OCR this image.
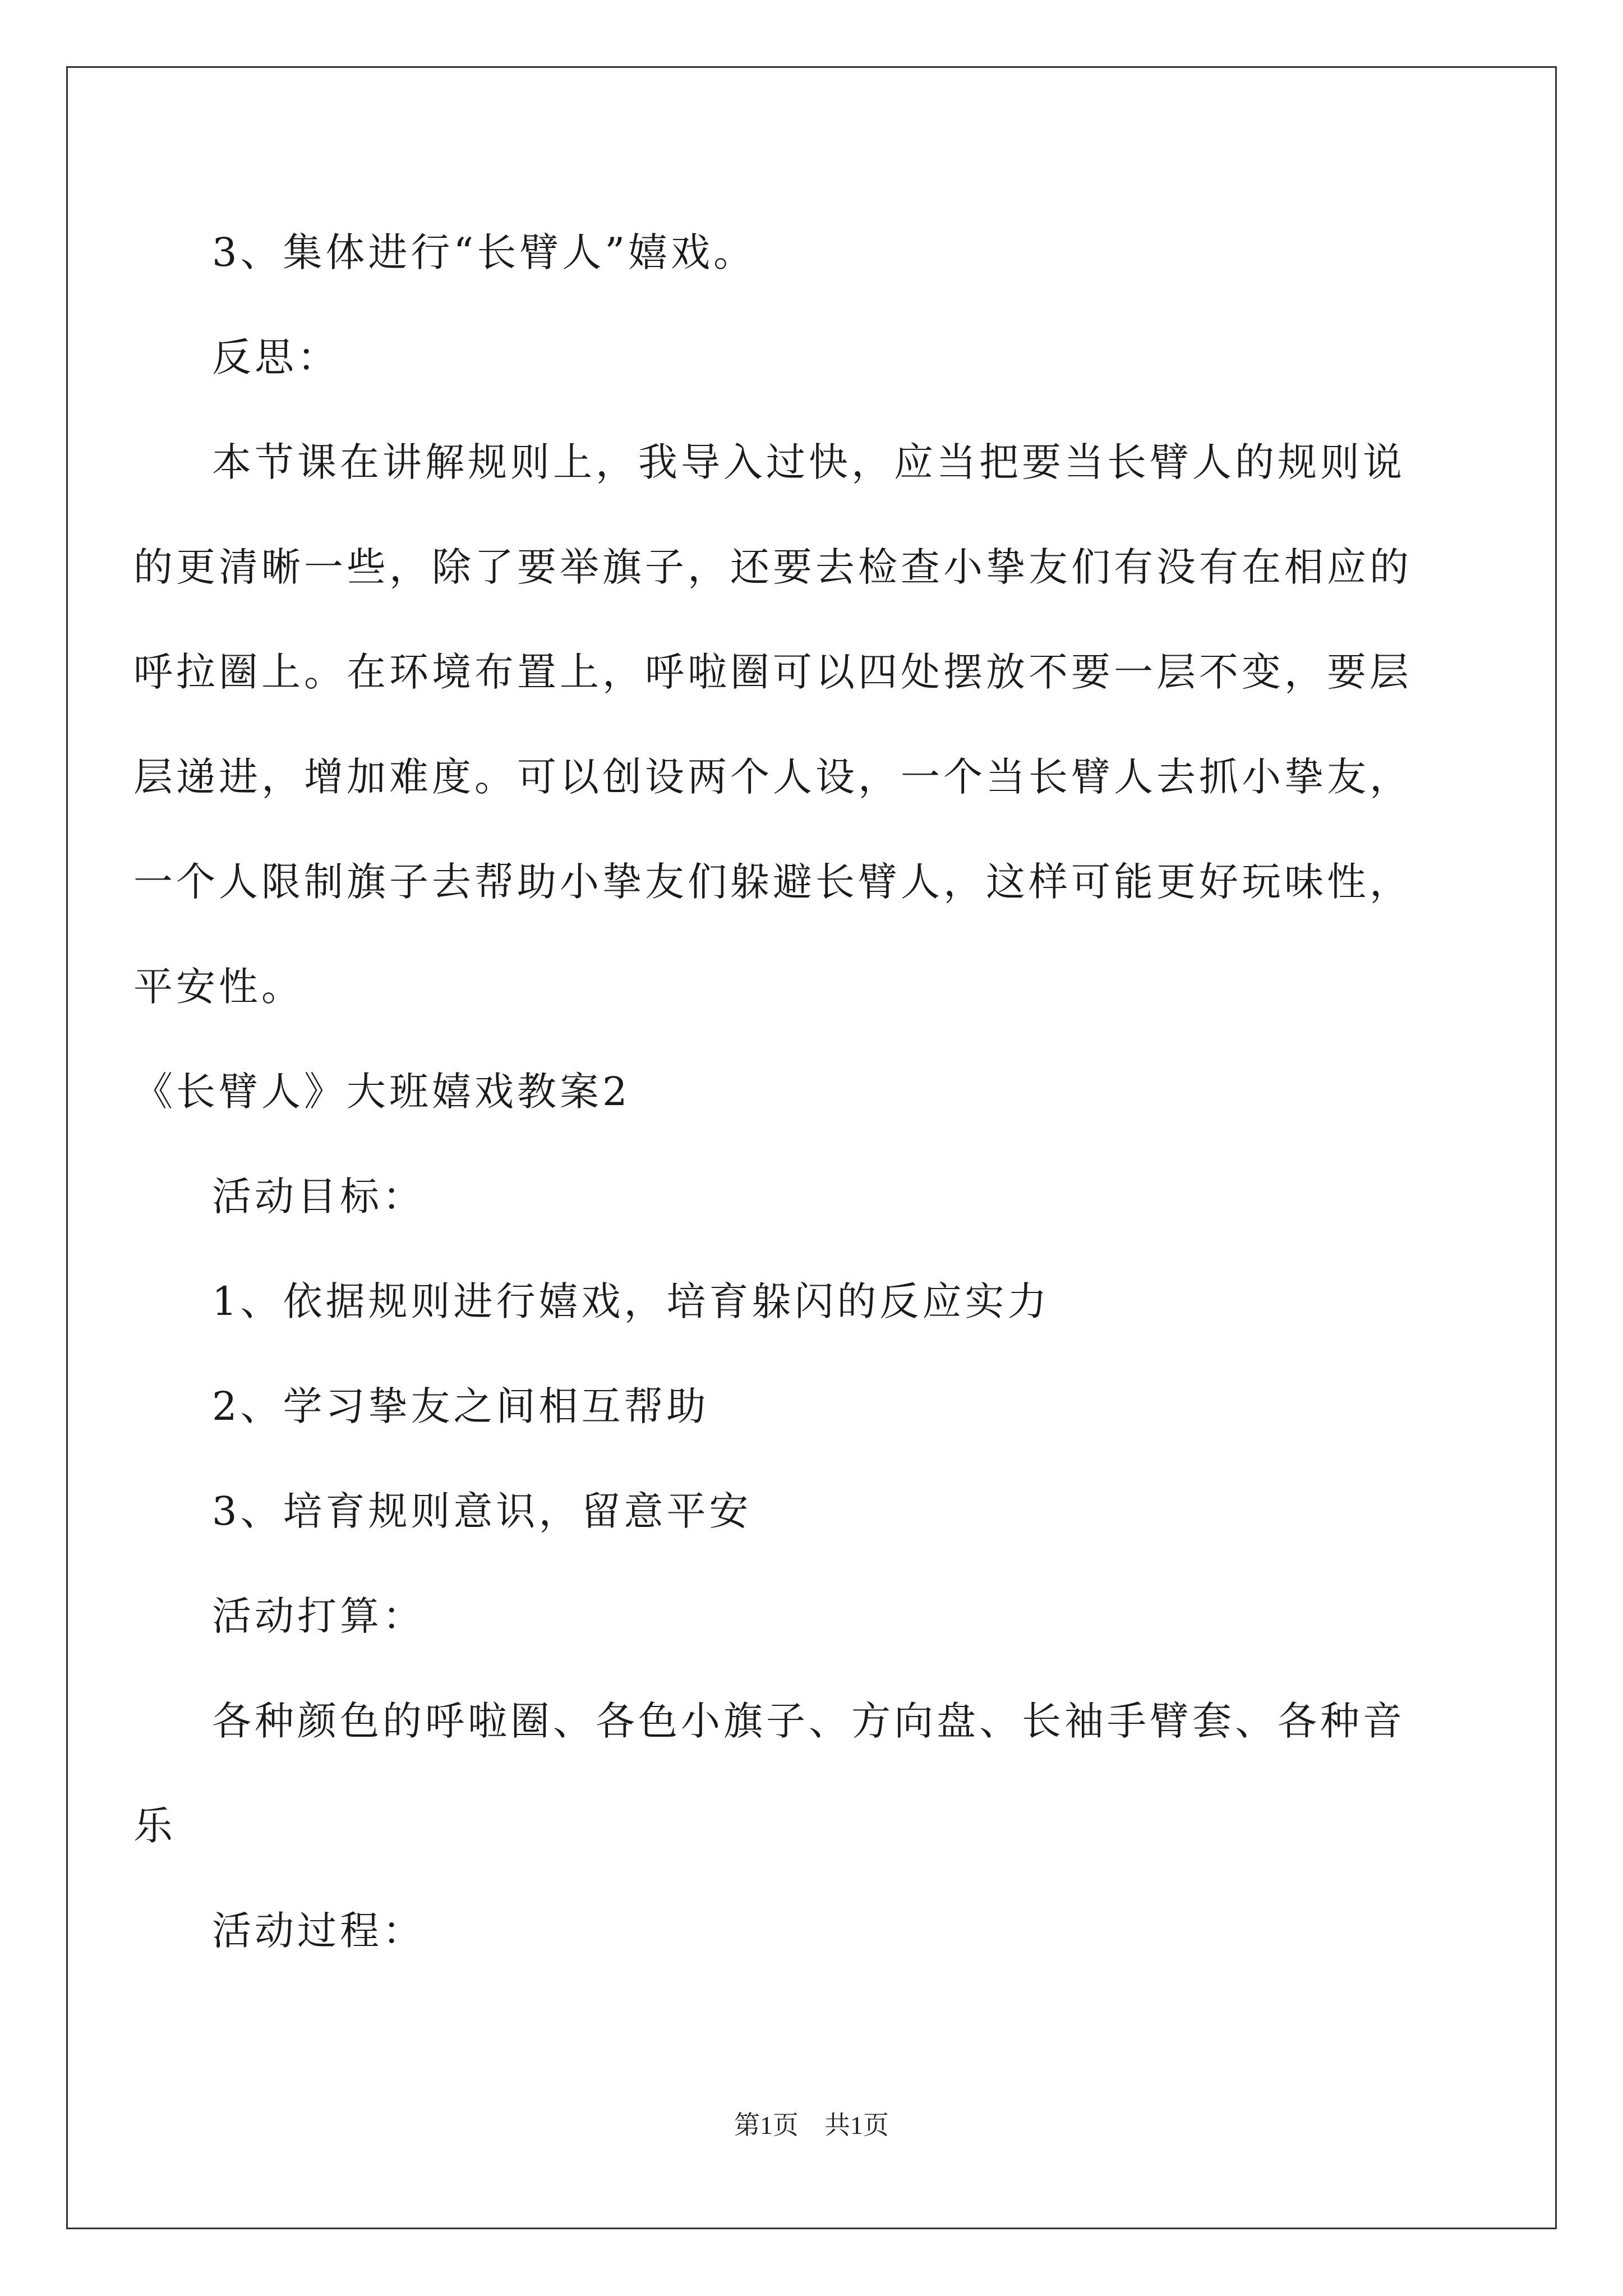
3、集体进行“长臂人”嬉戏。
反思：
本节课在讲解规则上，我导入过快，应当把要当长臂人的规则说
的更清晰一些，除了要举旗子，还要去检查小挚友们有没有在相应的
呼拉圈上。在环境布置上，呼啦圈可以四处摆放不要一层不变，要层
层递进，增加难度。可以创设两个人设，一个当长臂人去抓小挚友，
一个人限制旗子去帮助小挚友们躲避长臂人，这样可能更好玩味性，
平安性。
《长臂人》大班嬉戏教案2
活动目标：
1、依据规则进行嬉戏，培育躲闪的反应实力
2、学习挚友之间相互帮助
3、培育规则意识，留意平安
活动打算：
各种颜色的呼啦圈、各色小旗子、方向盘、长袖手臂套、各种音
乐
活动过程：
第1页　共1页
